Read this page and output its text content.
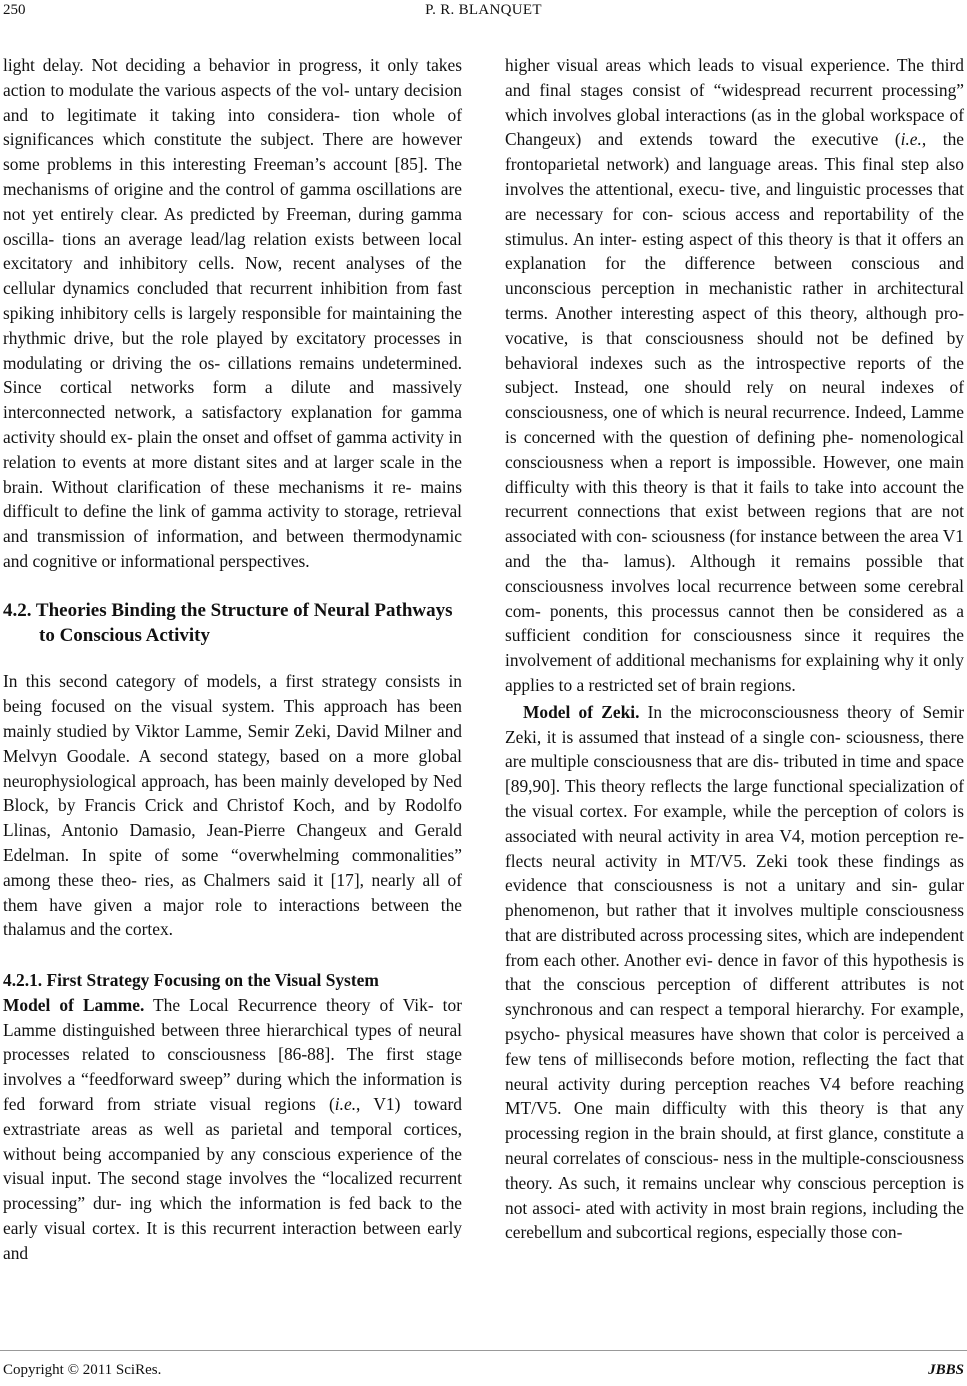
250	P. R. BLANQUET

light delay. Not deciding a behavior in progress, it only takes action to modulate the various aspects of the vol- untary decision and to legitimate it taking into considera- tion whole of significances which constitute the subject. There are however some problems in this interesting Freeman’s account [85]. The mechanisms of origine and the control of gamma oscillations are not yet entirely clear. As predicted by Freeman, during gamma oscilla- tions an average lead/lag relation exists between local excitatory and inhibitory cells. Now, recent analyses of the cellular dynamics concluded that recurrent inhibition from fast spiking inhibitory cells is largely responsible for maintaining the rhythmic drive, but the role played by excitatory processes in modulating or driving the os- cillations remains undetermined. Since cortical networks form a dilute and massively interconnected network, a satisfactory explanation for gamma activity should ex- plain the onset and offset of gamma activity in relation to events at more distant sites and at larger scale in the brain. Without clarification of these mechanisms it re- mains difficult to define the link of gamma activity to storage, retrieval and transmission of information, and between thermodynamic and cognitive or informational perspectives.

4.2. Theories Binding the Structure of Neural Pathways to Conscious Activity

In this second category of models, a first strategy consists in being focused on the visual system. This approach has been mainly studied by Viktor Lamme, Semir Zeki, David Milner and Melvyn Goodale. A second stategy, based on a more global neurophysiological approach, has been mainly developed by Ned Block, by Francis Crick and Christof Koch, and by Rodolfo Llinas, Antonio Damasio, Jean-Pierre Changeux and Gerald Edelman. In spite of some “overwhelming commonalities” among these theo- ries, as Chalmers said it [17], nearly all of them have given a major role to interactions between the thalamus and the cortex.

4.2.1. First Strategy Focusing on the Visual System

Model of Lamme. The Local Recurrence theory of Vik- tor Lamme distinguished between three hierarchical types of neural processes related to consciousness [86-88]. The first stage involves a “feedforward sweep” during which the information is fed forward from striate visual regions (i.e., V1) toward extrastriate areas as well as parietal and temporal cortices, without being accompanied by any conscious experience of the visual input. The second stage involves the “localized recurrent processing” dur- ing which the information is fed back to the early visual cortex. It is this recurrent interaction between early and

higher visual areas which leads to visual experience. The third and final stages consist of “widespread recurrent processing” which involves global interactions (as in the global workspace of Changeux) and extends toward the executive (i.e., the frontoparietal network) and language areas. This final step also involves the attentional, execu- tive, and linguistic processes that are necessary for con- scious access and reportability of the stimulus. An inter- esting aspect of this theory is that it offers an explanation for the difference between conscious and unconscious perception in mechanistic rather in architectural terms. Another interesting aspect of this theory, although pro- vocative, is that consciousness should not be defined by behavioral indexes such as the introspective reports of the subject. Instead, one should rely on neural indexes of consciousness, one of which is neural recurrence. Indeed, Lamme is concerned with the question of defining phe- nomenological consciousness when a report is impossible. However, one main difficulty with this theory is that it fails to take into account the recurrent connections that exist between regions that are not associated with con- sciousness (for instance between the area V1 and the tha- lamus). Although it remains possible that consciousness involves local recurrence between some cerebral com- ponents, this processus cannot then be considered as a sufficient condition for consciousness since it requires the involvement of additional mechanisms for explaining why it only applies to a restricted set of brain regions.

Model of Zeki. In the microconsciousness theory of Semir Zeki, it is assumed that instead of a single con- sciousness, there are multiple consciousness that are dis- tributed in time and space [89,90]. This theory reflects the large functional specialization of the visual cortex. For example, while the perception of colors is associated with neural activity in area V4, motion perception re- flects neural activity in MT/V5. Zeki took these findings as evidence that consciousness is not a unitary and sin- gular phenomenon, but rather that it involves multiple consciousness that are distributed across processing sites, which are independent from each other. Another evi- dence in favor of this hypothesis is that the conscious perception of different attributes is not synchronous and can respect a temporal hierarchy. For example, psycho- physical measures have shown that color is perceived a few tens of milliseconds before motion, reflecting the fact that neural activity during perception reaches V4 before reaching MT/V5. One main difficulty with this theory is that any processing region in the brain should, at first glance, constitute a neural correlates of conscious- ness in the multiple-consciousness theory. As such, it remains unclear why conscious perception is not associ- ated with activity in most brain regions, including the cerebellum and subcortical regions, especially those con-

Copyright © 2011 SciRes.	JBBS
